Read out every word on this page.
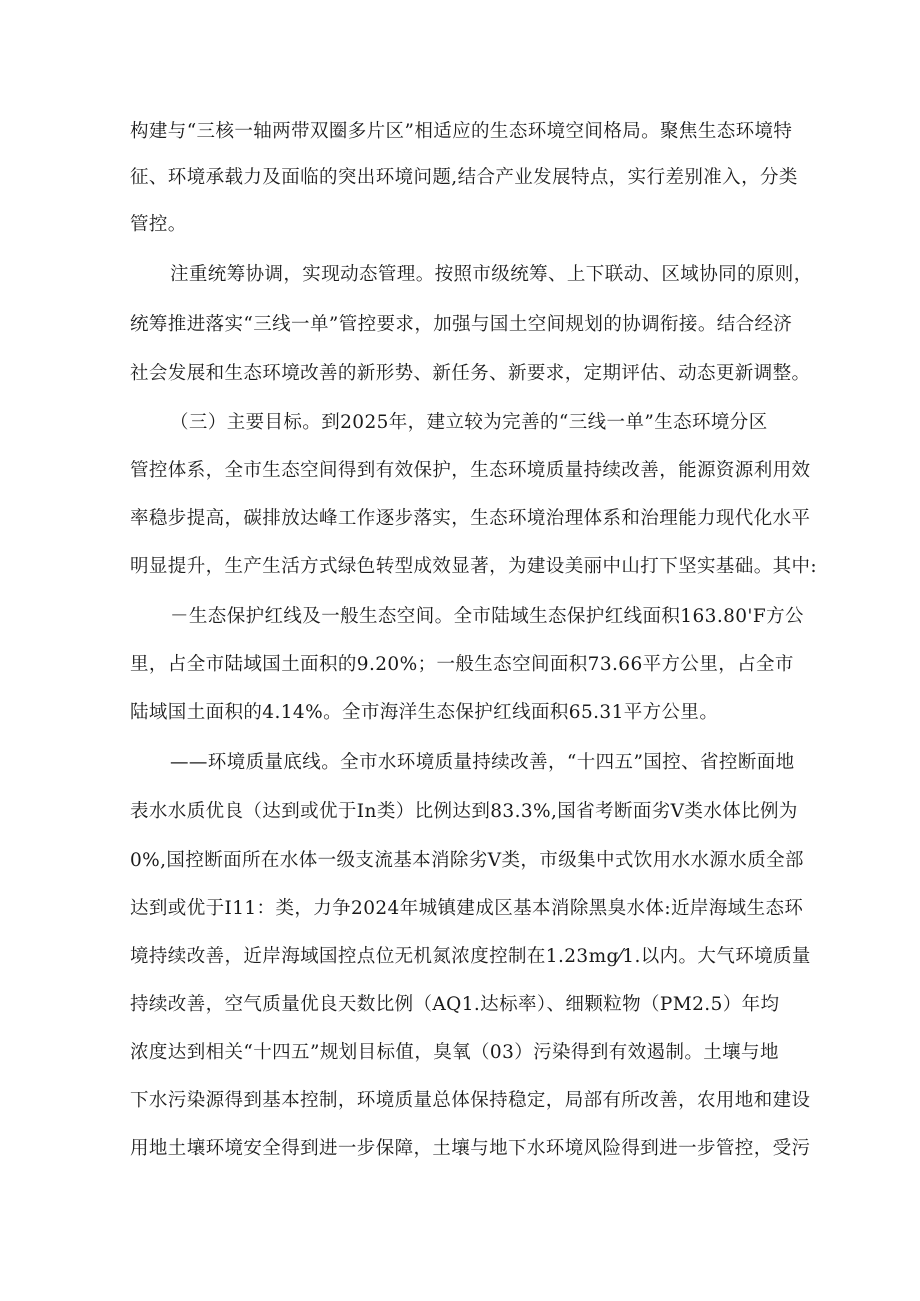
构建与“三核一轴两带双圈多片区”相适应的生态环境空间格局。聚焦生态环境特
征、环境承载力及面临的突出环境问题,结合产业发展特点，实行差别准入，分类
管控。
注重统筹协调，实现动态管理。按照市级统筹、上下联动、区域协同的原则，
统筹推进落实“三线一单”管控要求，加强与国土空间规划的协调衔接。结合经济
社会发展和生态环境改善的新形势、新任务、新要求，定期评估、动态更新调整。
（三）主要目标。到2025年，建立较为完善的“三线一单”生态环境分区
管控体系，全市生态空间得到有效保护，生态环境质量持续改善，能源资源利用效
率稳步提高，碳排放达峰工作逐步落实，生态环境治理体系和治理能力现代化水平
明显提升，生产生活方式绿色转型成效显著，为建设美丽中山打下坚实基础。其中:
－生态保护红线及一般生态空间。全市陆域生态保护红线面积163.80'F方公
里，占全市陆域国土面积的9.20%；一般生态空间面积73.66平方公里，占全市
陆域国土面积的4.14%。全市海洋生态保护红线面积65.31平方公里。
——环境质量底线。全市水环境质量持续改善，“十四五”国控、省控断面地
表水水质优良（达到或优于In类）比例达到83.3%,国省考断面劣V类水体比例为
0%,国控断面所在水体一级支流基本消除劣V类，市级集中式饮用水水源水质全部
达到或优于I11：类，力争2024年城镇建成区基本消除黑臭水体:近岸海域生态环
境持续改善，近岸海域国控点位无机氮浓度控制在1.23mg⁄1.以内。大气环境质量
持续改善，空气质量优良天数比例（AQ1.达标率）、细颗粒物（PM2.5）年均
浓度达到相关“十四五”规划目标值，臭氧（03）污染得到有效遏制。土壤与地
下水污染源得到基本控制，环境质量总体保持稳定，局部有所改善，农用地和建设
用地土壤环境安全得到进一步保障，土壤与地下水环境风险得到进一步管控，受污
